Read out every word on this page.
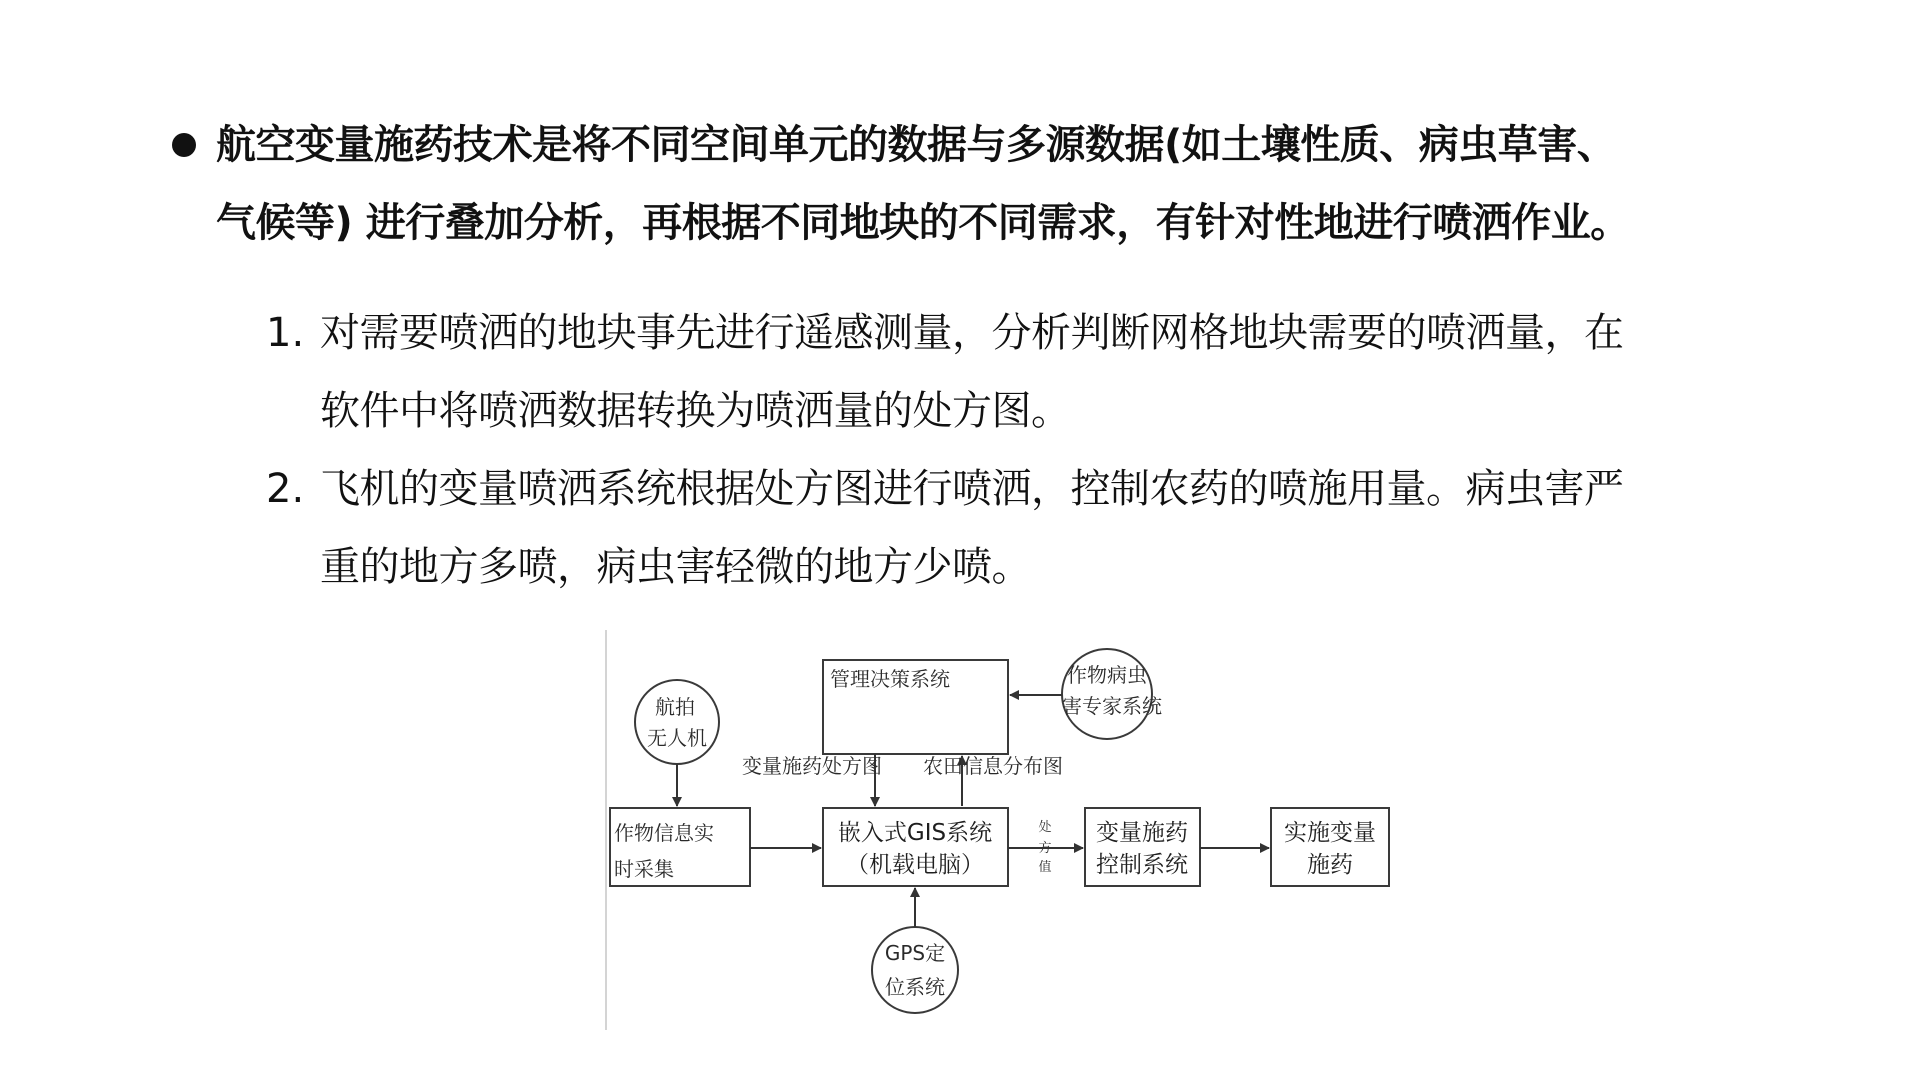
航空变量施药技术是将不同空间单元的数据与多源数据(如土壤性质、病虫草害、
气候等) 进行叠加分析，再根据不同地块的不同需求，有针对性地进行喷洒作业。
1. 对需要喷洒的地块事先进行遥感测量，分析判断网格地块需要的喷洒量，在
软件中将喷洒数据转换为喷洒量的处方图。
2. 飞机的变量喷洒系统根据处方图进行喷洒，控制农药的喷施用量。病虫害严
重的地方多喷，病虫害轻微的地方少喷。
管理决策系统	作物病虫
害专家系统
航拍
无人机
变量施药处方图 农田信息分布图
作物信息实
时采集
嵌入式GIS系统
（机载电脑）
处
方
值
变量施药
控制系统
实施变量
施药
GPS定
位系统
